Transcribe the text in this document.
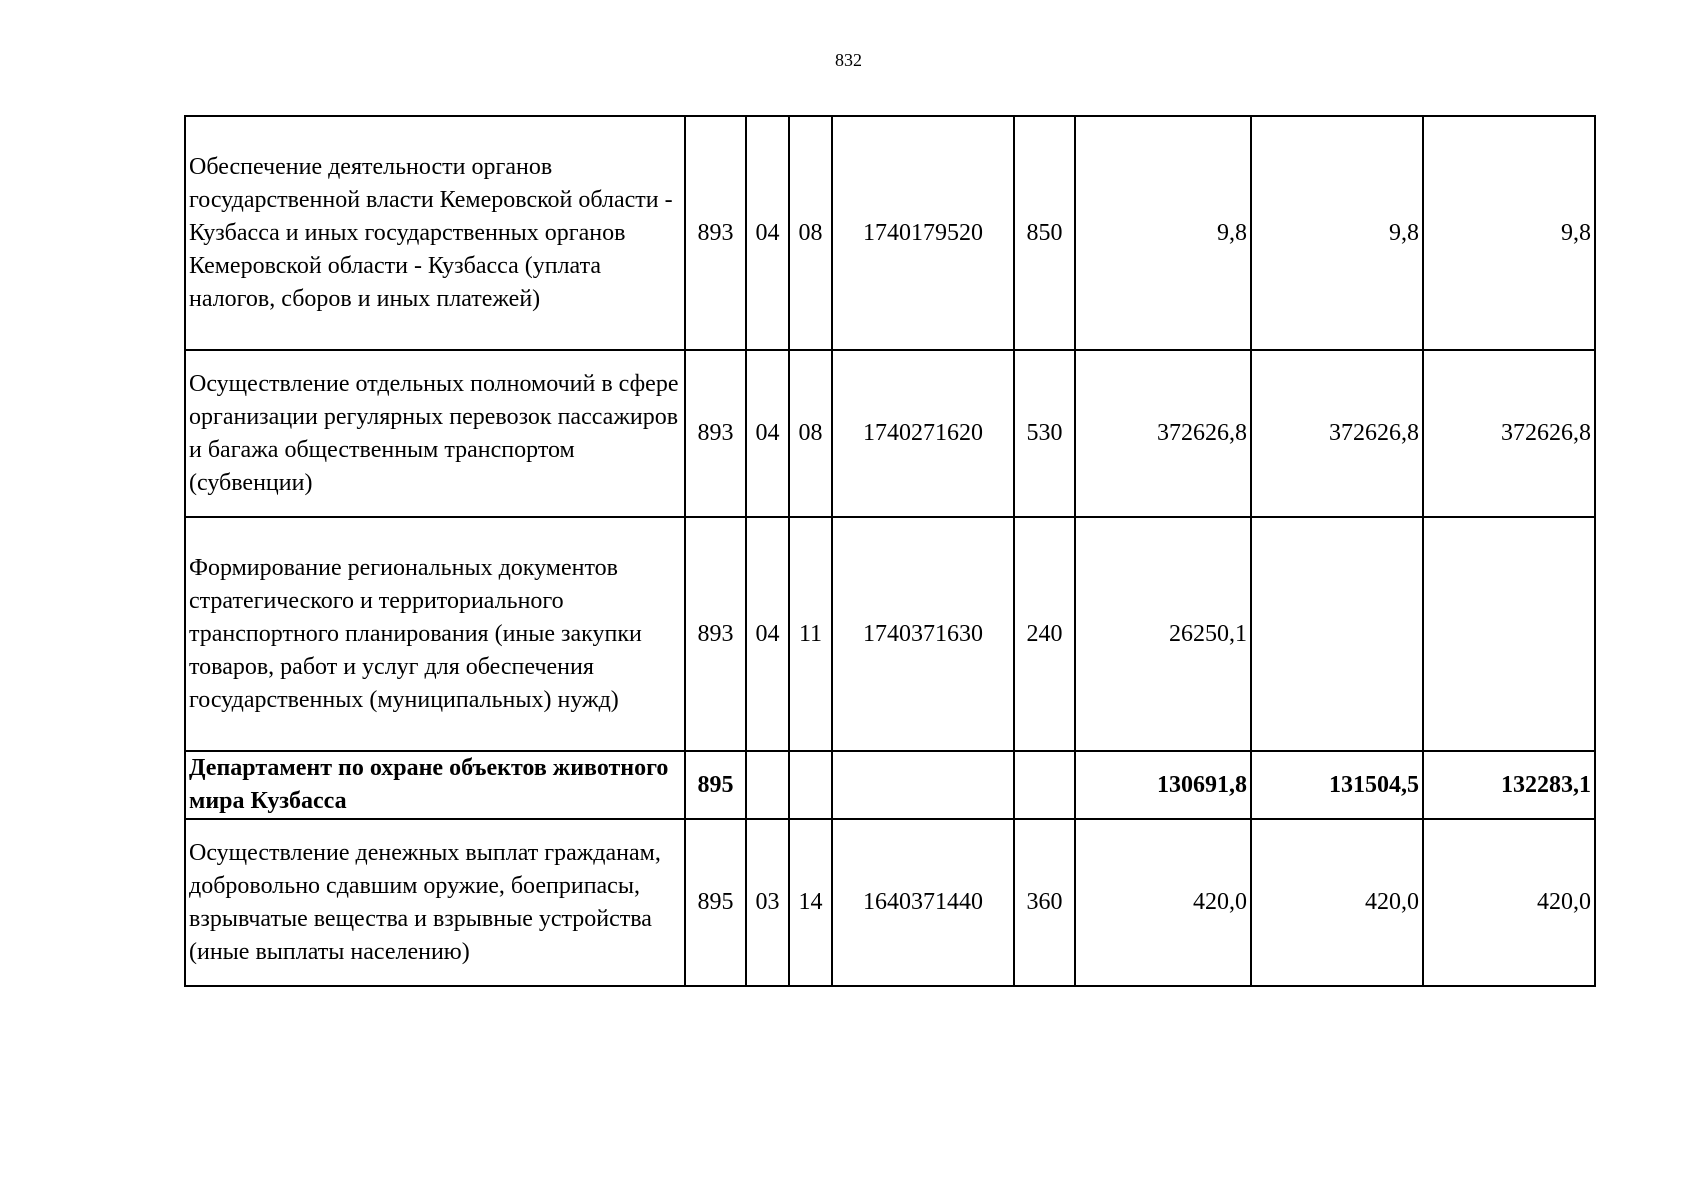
832
Обеспечение деятельности органов государственной власти Кемеровской области - Кузбасса и иных государственных органов Кемеровской области - Кузбасса (уплата налогов, сборов и иных платежей)	893	04	08	1740179520	850	9,8	9,8	9,8
Осуществление отдельных полномочий в сфере организации регулярных перевозок пассажиров и багажа общественным транспортом (субвенции)	893	04	08	1740271620	530	372626,8	372626,8	372626,8
Формирование региональных документов стратегического и территориального транспортного планирования (иные закупки товаров, работ и услуг для обеспечения государственных (муниципальных) нужд)	893	04	11	1740371630	240	26250,1		
Департамент по охране объектов животного мира Кузбасса	895					130691,8	131504,5	132283,1
Осуществление денежных выплат гражданам, добровольно сдавшим оружие, боеприпасы, взрывчатые вещества и взрывные устройства (иные выплаты населению)	895	03	14	1640371440	360	420,0	420,0	420,0
